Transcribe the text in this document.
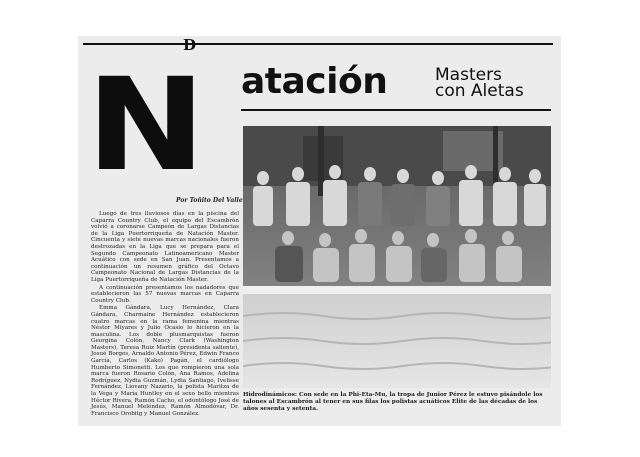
D
N atación	Masters
con Aletas
Por Toñito Del Valle

Luego de tres lluviosos días en la piscina del Caparra Country Club, el equipo del Escambrón volvió a coronarse Campeón de Largas Distancias de la Liga Puertorriqueña de Natación Master. Cincuenta y siete nuevas marcas nacionales fueron destrozadas en la Liga que se prepara para el Segundo Campeonato Latinoamericano Master Acuático con sede en San Juan. Presentamos a continuación un resumen gráfico del Octavo Campeonato Nacional de Largas Distancias de la Liga Puertorriqueña de Natación Master.

A continuación presentamos los nadadores que establecieron las 57 nuevas marcas en Caparra Country Club.

Emma Gándara, Lucy Hernández, Clara Gándara, Charmaine Hernández establecieron cuatro marcas en la rama femenina mientras Néstor Miyares y Julio Ocasio lo hicieron en la masculina. Los doble plusmarquistas fueron Georgina Colón, Nancy Clark (Washington Masters), Teresa Ruiz Martín (presidenta saliente), Josué Borges, Arnaldo Antonio Pérez, Edwin Franco García, Carlos (Kako) Pagán, el cardiólogo Humberto Simonetti. Los que rompieron una sola marca fueron Rosario Colón, Ana Ramos, Adelina Rodríguez, Nydia Guzmán, Lydia Santiago, Ivelisse Fernández, Liovany Nazario, la polista Maritza de la Vega y María Huntley en el sexo bello mientras Héctor Rivera, Ramón Cacho, el odontólogo José de Jesús, Manuel Meléndez, Ramón Almodóvar, Dr. Francisco Orobitg y Manuel González.

Hidrodinámicos: Con sede en la Phi-Eta-Mu, la tropa de Junior Pérez le estuvo pisándole los talones al Escambrón al tener en sus filas los polistas acuáticos Elite de las décadas de los años sesenta y setenta.
